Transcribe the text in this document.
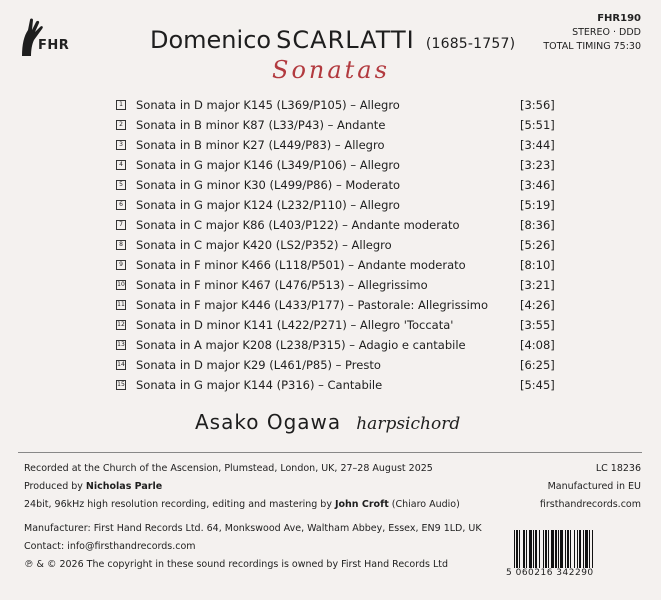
FHR
FHR190
STEREO · DDD
TOTAL TIMING 75:30
Domenico SCARLATTI (1685-1757)
Sonatas
1 Sonata in D major K145 (L369/P105) – Allegro	[3:56]
2 Sonata in B minor K87 (L33/P43) – Andante	[5:51]
3 Sonata in B minor K27 (L449/P83) – Allegro	[3:44]
4 Sonata in G major K146 (L349/P106) – Allegro	[3:23]
5 Sonata in G minor K30 (L499/P86) – Moderato	[3:46]
6 Sonata in G major K124 (L232/P110) – Allegro	[5:19]
7 Sonata in C major K86 (L403/P122) – Andante moderato	[8:36]
8 Sonata in C major K420 (LS2/P352) – Allegro	[5:26]
9 Sonata in F minor K466 (L118/P501) – Andante moderato	[8:10]
10 Sonata in F minor K467 (L476/P513) – Allegrissimo	[3:21]
11 Sonata in F major K446 (L433/P177) – Pastorale: Allegrissimo	[4:26]
12 Sonata in D minor K141 (L422/P271) – Allegro 'Toccata'	[3:55]
13 Sonata in A major K208 (L238/P315) – Adagio e cantabile	[4:08]
14 Sonata in D major K29 (L461/P85) – Presto	[6:25]
15 Sonata in G major K144 (P316) – Cantabile	[5:45]
Asako Ogawa harpsichord
Recorded at the Church of the Ascension, Plumstead, London, UK, 27–28 August 2025
Produced by Nicholas Parle
24bit, 96kHz high resolution recording, editing and mastering by John Croft (Chiaro Audio)
Manufacturer: First Hand Records Ltd. 64, Monkswood Ave, Waltham Abbey, Essex, EN9 1LD, UK
Contact: info@firsthandrecords.com
℗ & © 2026 The copyright in these sound recordings is owned by First Hand Records Ltd
LC 18236
Manufactured in EU
firsthandrecords.com
5 060216 342290
